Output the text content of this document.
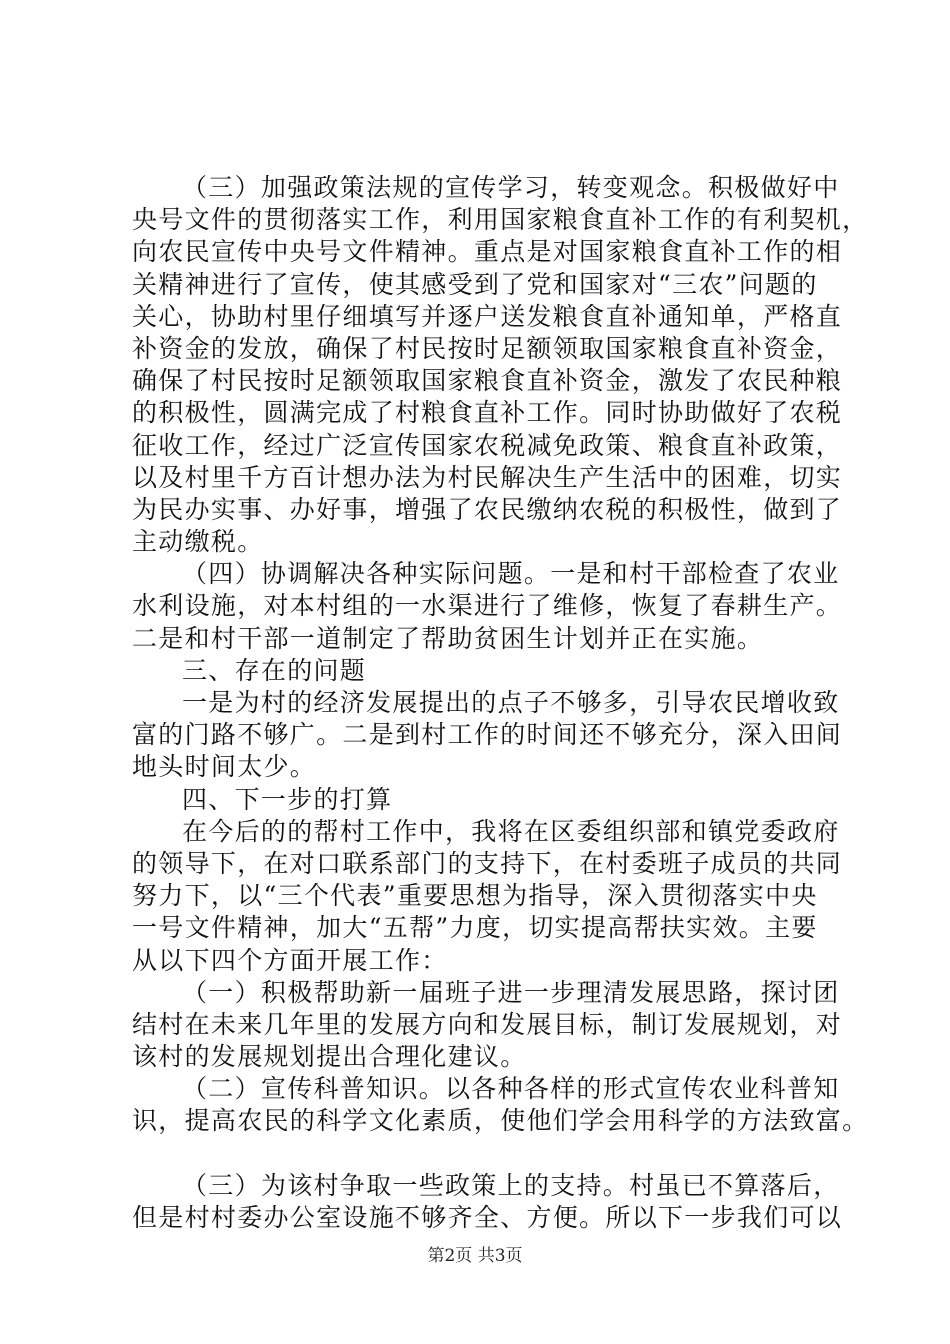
（三）加强政策法规的宣传学习，转变观念。积极做好中
央号文件的贯彻落实工作，利用国家粮食直补工作的有利契机，
向农民宣传中央号文件精神。重点是对国家粮食直补工作的相
关精神进行了宣传，使其感受到了党和国家对“三农”问题的
关心，协助村里仔细填写并逐户送发粮食直补通知单，严格直
补资金的发放，确保了村民按时足额领取国家粮食直补资金，
确保了村民按时足额领取国家粮食直补资金，激发了农民种粮
的积极性，圆满完成了村粮食直补工作。同时协助做好了农税
征收工作，经过广泛宣传国家农税减免政策、粮食直补政策，
以及村里千方百计想办法为村民解决生产生活中的困难，切实
为民办实事、办好事，增强了农民缴纳农税的积极性，做到了
主动缴税。
（四）协调解决各种实际问题。一是和村干部检查了农业
水利设施，对本村组的一水渠进行了维修，恢复了春耕生产。
二是和村干部一道制定了帮助贫困生计划并正在实施。
三、存在的问题
一是为村的经济发展提出的点子不够多，引导农民增收致
富的门路不够广。二是到村工作的时间还不够充分，深入田间
地头时间太少。
四、下一步的打算
在今后的的帮村工作中，我将在区委组织部和镇党委政府
的领导下，在对口联系部门的支持下，在村委班子成员的共同
努力下，以“三个代表”重要思想为指导，深入贯彻落实中央
一号文件精神，加大“五帮”力度，切实提高帮扶实效。主要
从以下四个方面开展工作：
（一）积极帮助新一届班子进一步理清发展思路，探讨团
结村在未来几年里的发展方向和发展目标，制订发展规划，对
该村的发展规划提出合理化建议。
（二）宣传科普知识。以各种各样的形式宣传农业科普知
识，提高农民的科学文化素质，使他们学会用科学的方法致富。
（三）为该村争取一些政策上的支持。村虽已不算落后，
但是村村委办公室设施不够齐全、方便。所以下一步我们可以
第2页 共3页
